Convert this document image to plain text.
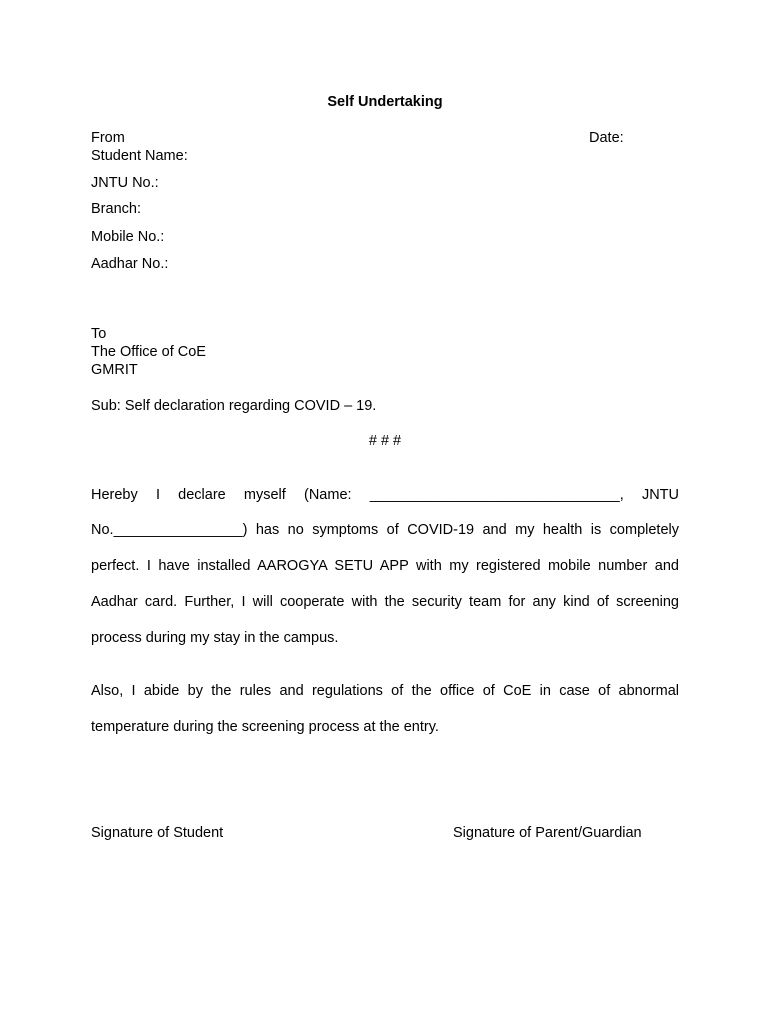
Self Undertaking
From	Date:
Student Name:
JNTU No.:
Branch:
Mobile No.:
Aadhar No.:
To
The Office of CoE
GMRIT
Sub: Self declaration regarding COVID – 19.
# # #
Hereby I declare myself (Name: _______________________________, JNTU
No.________________) has no symptoms of COVID-19 and my health is completely
perfect. I have installed AAROGYA SETU APP with my registered mobile number and
Aadhar card. Further, I will cooperate with the security team for any kind of screening
process during my stay in the campus.
Also, I abide by the rules and regulations of the office of CoE in case of abnormal
temperature during the screening process at the entry.
Signature of Student	Signature of Parent/Guardian
